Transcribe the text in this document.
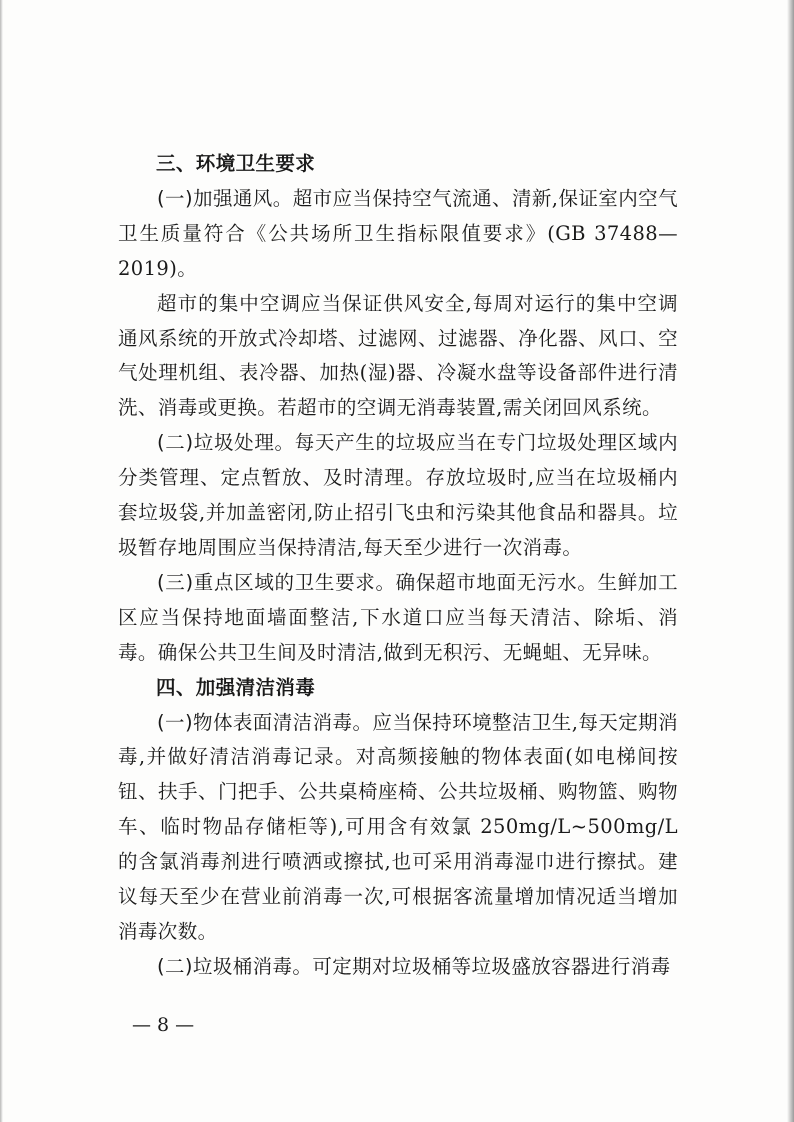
三、环境卫生要求

(一)加强通风。超市应当保持空气流通、清新,保证室内空气卫生质量符合《公共场所卫生指标限值要求》(GB 37488—2019)。

超市的集中空调应当保证供风安全,每周对运行的集中空调通风系统的开放式冷却塔、过滤网、过滤器、净化器、风口、空气处理机组、表冷器、加热(湿)器、冷凝水盘等设备部件进行清洗、消毒或更换。若超市的空调无消毒装置,需关闭回风系统。

(二)垃圾处理。每天产生的垃圾应当在专门垃圾处理区域内分类管理、定点暂放、及时清理。存放垃圾时,应当在垃圾桶内套垃圾袋,并加盖密闭,防止招引飞虫和污染其他食品和器具。垃圾暂存地周围应当保持清洁,每天至少进行一次消毒。

(三)重点区域的卫生要求。确保超市地面无污水。生鲜加工区应当保持地面墙面整洁,下水道口应当每天清洁、除垢、消毒。确保公共卫生间及时清洁,做到无积污、无蝇蛆、无异味。

四、加强清洁消毒

(一)物体表面清洁消毒。应当保持环境整洁卫生,每天定期消毒,并做好清洁消毒记录。对高频接触的物体表面(如电梯间按钮、扶手、门把手、公共桌椅座椅、公共垃圾桶、购物篮、购物车、临时物品存储柜等),可用含有效氯 250mg/L~500mg/L 的含氯消毒剂进行喷洒或擦拭,也可采用消毒湿巾进行擦拭。建议每天至少在营业前消毒一次,可根据客流量增加情况适当增加消毒次数。

(二)垃圾桶消毒。可定期对垃圾桶等垃圾盛放容器进行消毒

— 8 —
